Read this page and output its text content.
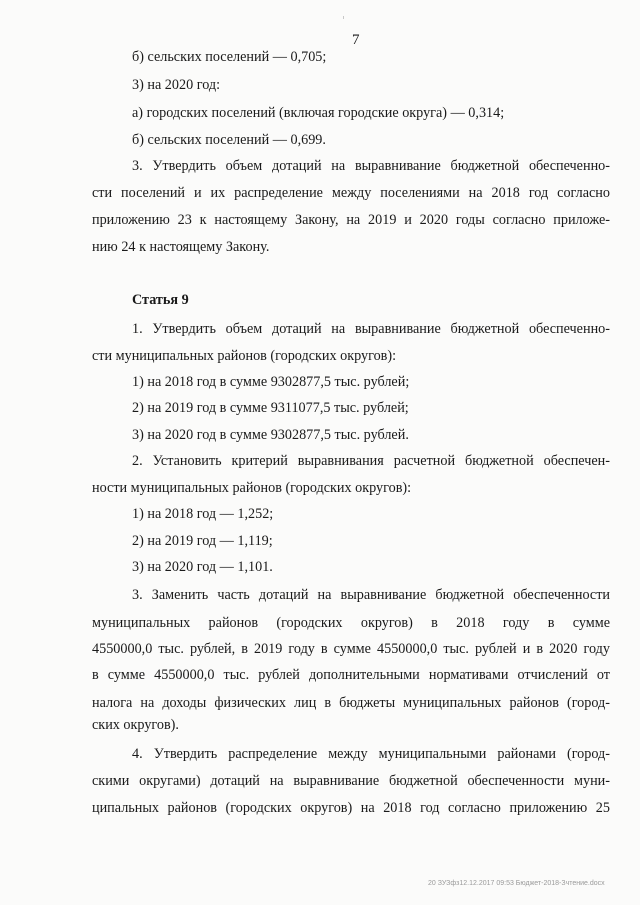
7
б) сельских поселений — 0,705;
3) на 2020 год:
а) городских поселений (включая городские округа) — 0,314;
б) сельских поселений — 0,699.
3. Утвердить объем дотаций на выравнивание бюджетной обеспеченно-
сти поселений и их распределение между поселениями на 2018 год согласно
приложению 23 к настоящему Закону, на 2019 и 2020 годы согласно приложе-
нию 24 к настоящему Закону.
Статья 9
1. Утвердить объем дотаций на выравнивание бюджетной обеспеченно-
сти муниципальных районов (городских округов):
1) на 2018 год в сумме 9302877,5 тыс. рублей;
2) на 2019 год в сумме 9311077,5 тыс. рублей;
3) на 2020 год в сумме 9302877,5 тыс. рублей.
2. Установить критерий выравнивания расчетной бюджетной обеспечен-
ности муниципальных районов (городских округов):
1) на 2018 год — 1,252;
2) на 2019 год — 1,119;
3) на 2020 год — 1,101.
3. Заменить часть дотаций на выравнивание бюджетной обеспеченности
муниципальных районов (городских округов) в 2018 году в сумме
4550000,0 тыс. рублей, в 2019 году в сумме 4550000,0 тыс. рублей и в 2020 году
в сумме 4550000,0 тыс. рублей дополнительными нормативами отчислений от
налога на доходы физических лиц в бюджеты муниципальных районов (город-
ских округов).
4. Утвердить распределение между муниципальными районами (город-
скими округами) дотаций на выравнивание бюджетной обеспеченности муни-
ципальных районов (городских округов) на 2018 год согласно приложению 25
20 ЗУЗфз12.12.2017 09:53 Бюджет-2018-Зчтение.docx
